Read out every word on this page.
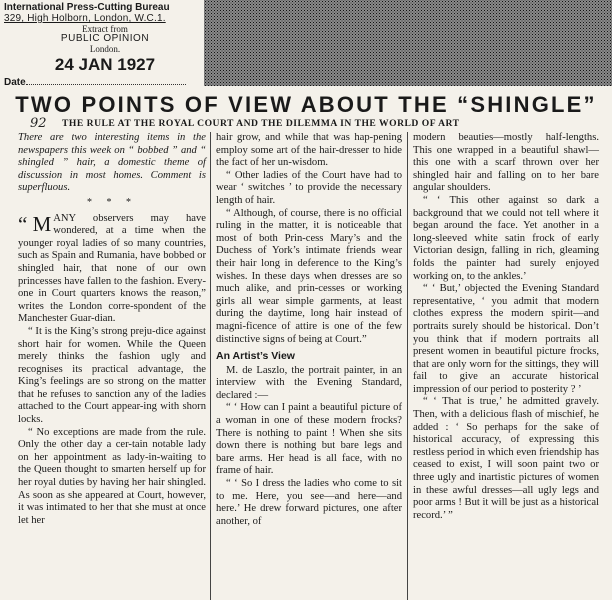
International Press-Cutting Bureau
329, High Holborn, London, W.C.1.
Extract from
PUBLIC OPINION
London.
24 JAN 1927
Date
TWO POINTS OF VIEW ABOUT THE “SHINGLE”
92 THE RULE AT THE ROYAL COURT AND THE DILEMMA IN THE WORLD OF ART

There are two interesting items in the newspapers this week on “ bobbed ” and “ shingled ” hair, a domestic theme of discussion in most homes. Comment is superfluous.

* * *

“ M ANY observers may have wondered, at a time when the younger royal ladies of so many countries, such as Spain and Rumania, have bobbed or shingled hair, that none of our own princesses have fallen to the fashion. Every-one in Court quarters knows the reason,” writes the London corre-spondent of the Manchester Guar-dian.

“ It is the King’s strong preju-dice against short hair for women. While the Queen merely thinks the fashion ugly and recognises its practical advantage, the King’s feelings are so strong on the matter that he refuses to sanction any of the ladies attached to the Court appear-ing with shorn locks.

“ No exceptions are made from the rule. Only the other day a cer-tain notable lady on her appointment as lady-in-waiting to the Queen thought to smarten herself up for her royal duties by having her hair shingled. As soon as she appeared at Court, however, it was intimated to her that she must at once let her

hair grow, and while that was hap-pening employ some art of the hair-dresser to hide the fact of her un-wisdom.

“ Other ladies of the Court have had to wear ‘ switches ’ to provide the necessary length of hair.

“ Although, of course, there is no official ruling in the matter, it is noticeable that most of both Prin-cess Mary’s and the Duchess of York’s intimate friends wear their hair long in deference to the King’s wishes. In these days when dresses are so much alike, and prin-cesses or working girls all wear simple garments, at least during the daytime, long hair instead of magni-ficence of attire is one of the few distinctive signs of being at Court.”

An Artist’s View

M. de Laszlo, the portrait painter, in an interview with the Evening Standard, declared :—

“ ‘ How can I paint a beautiful picture of a woman in one of these modern frocks? There is nothing to paint ! When she sits down there is nothing but bare legs and bare arms. Her head is all face, with no frame of hair.

“ ‘ So I dress the ladies who come to sit to me. Here, you see—and here—and here.’ He drew forward pictures, one after another, of

modern beauties—mostly half-lengths. This one wrapped in a beautiful shawl—this one with a scarf thrown over her shingled hair and falling on to her bare angular shoulders.

“ ‘ This other against so dark a background that we could not tell where it began around the face. Yet another in a long-sleeved white satin frock of early Victorian design, falling in rich, gleaming folds the painter had surely enjoyed working on, to the ankles.’

“ ‘ But,’ objected the Evening Standard representative, ‘ you admit that modern clothes express the modern spirit—and portraits surely should be historical. Don’t you think that if modern portraits all present women in beautiful picture frocks, that are only worn for the sittings, they will fail to give an accurate historical impression of our period to posterity ? ’

“ ‘ That is true,’ he admitted gravely. Then, with a delicious flash of mischief, he added : ‘ So perhaps for the sake of historical accuracy, of expressing this restless period in which even friendship has ceased to exist, I will soon paint two or three ugly and inartistic pictures of women in these awful dresses—all ugly legs and poor arms ! But it will be just as a historical record.’ ”
